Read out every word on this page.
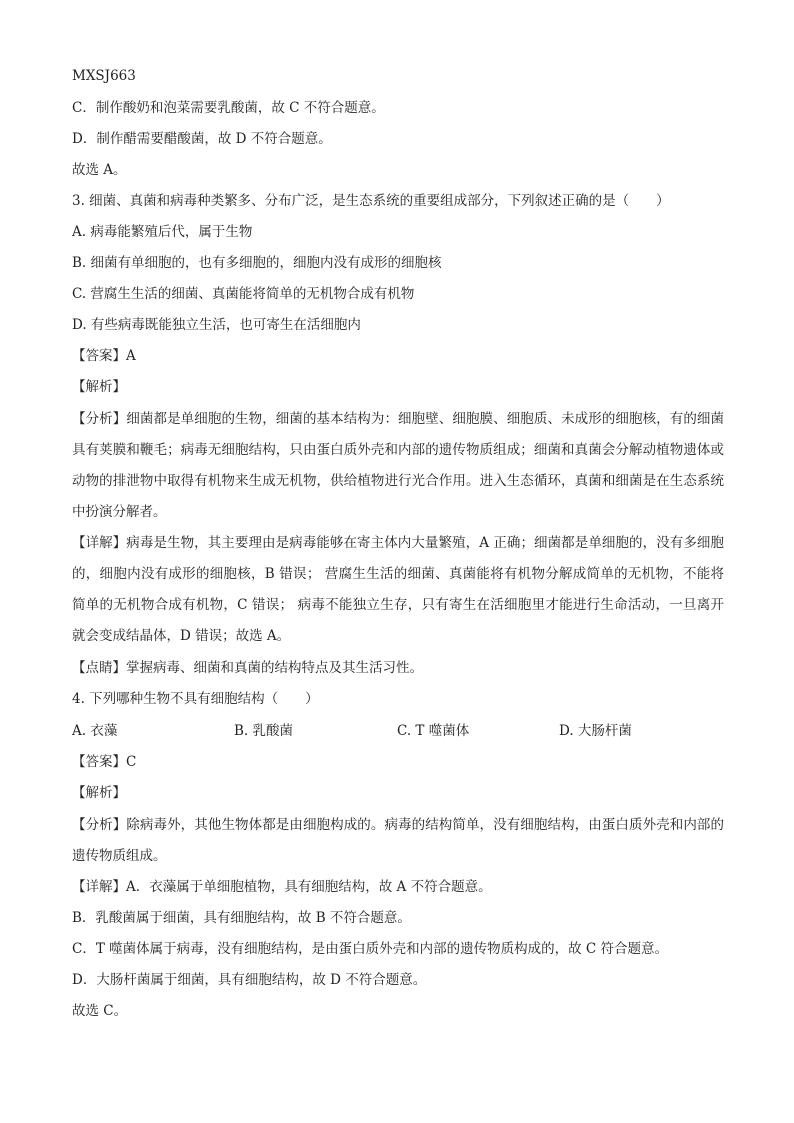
MXSJ663
C．制作酸奶和泡菜需要乳酸菌，故 C 不符合题意。
D．制作醋需要醋酸菌，故 D 不符合题意。
故选 A。
3. 细菌、真菌和病毒种类繁多、分布广泛，是生态系统的重要组成部分，下列叙述正确的是（　　）
A. 病毒能繁殖后代，属于生物
B. 细菌有单细胞的，也有多细胞的，细胞内没有成形的细胞核
C. 营腐生生活的细菌、真菌能将简单的无机物合成有机物
D. 有些病毒既能独立生活，也可寄生在活细胞内
【答案】A
【解析】
【分析】细菌都是单细胞的生物，细菌的基本结构为：细胞壁、细胞膜、细胞质、未成形的细胞核，有的细菌具有荚膜和鞭毛；病毒无细胞结构，只由蛋白质外壳和内部的遗传物质组成；细菌和真菌会分解动植物遗体或动物的排泄物中取得有机物来生成无机物，供给植物进行光合作用。进入生态循环，真菌和细菌是在生态系统中扮演分解者。
【详解】病毒是生物，其主要理由是病毒能够在寄主体内大量繁殖，A 正确；细菌都是单细胞的，没有多细胞的，细胞内没有成形的细胞核，B 错误； 营腐生生活的细菌、真菌能将有机物分解成简单的无机物，不能将简单的无机物合成有机物，C 错误； 病毒不能独立生存，只有寄生在活细胞里才能进行生命活动，一旦离开就会变成结晶体，D 错误；故选 A。
【点睛】掌握病毒、细菌和真菌的结构特点及其生活习性。
4. 下列哪种生物不具有细胞结构（　　）
A. 衣藻	B. 乳酸菌	C. T 噬菌体	D. 大肠杆菌
【答案】C
【解析】
【分析】除病毒外，其他生物体都是由细胞构成的。病毒的结构简单，没有细胞结构，由蛋白质外壳和内部的遗传物质组成。
【详解】A．衣藻属于单细胞植物，具有细胞结构，故 A 不符合题意。
B．乳酸菌属于细菌，具有细胞结构，故 B 不符合题意。
C．T 噬菌体属于病毒，没有细胞结构，是由蛋白质外壳和内部的遗传物质构成的，故 C 符合题意。
D．大肠杆菌属于细菌，具有细胞结构，故 D 不符合题意。
故选 C。
